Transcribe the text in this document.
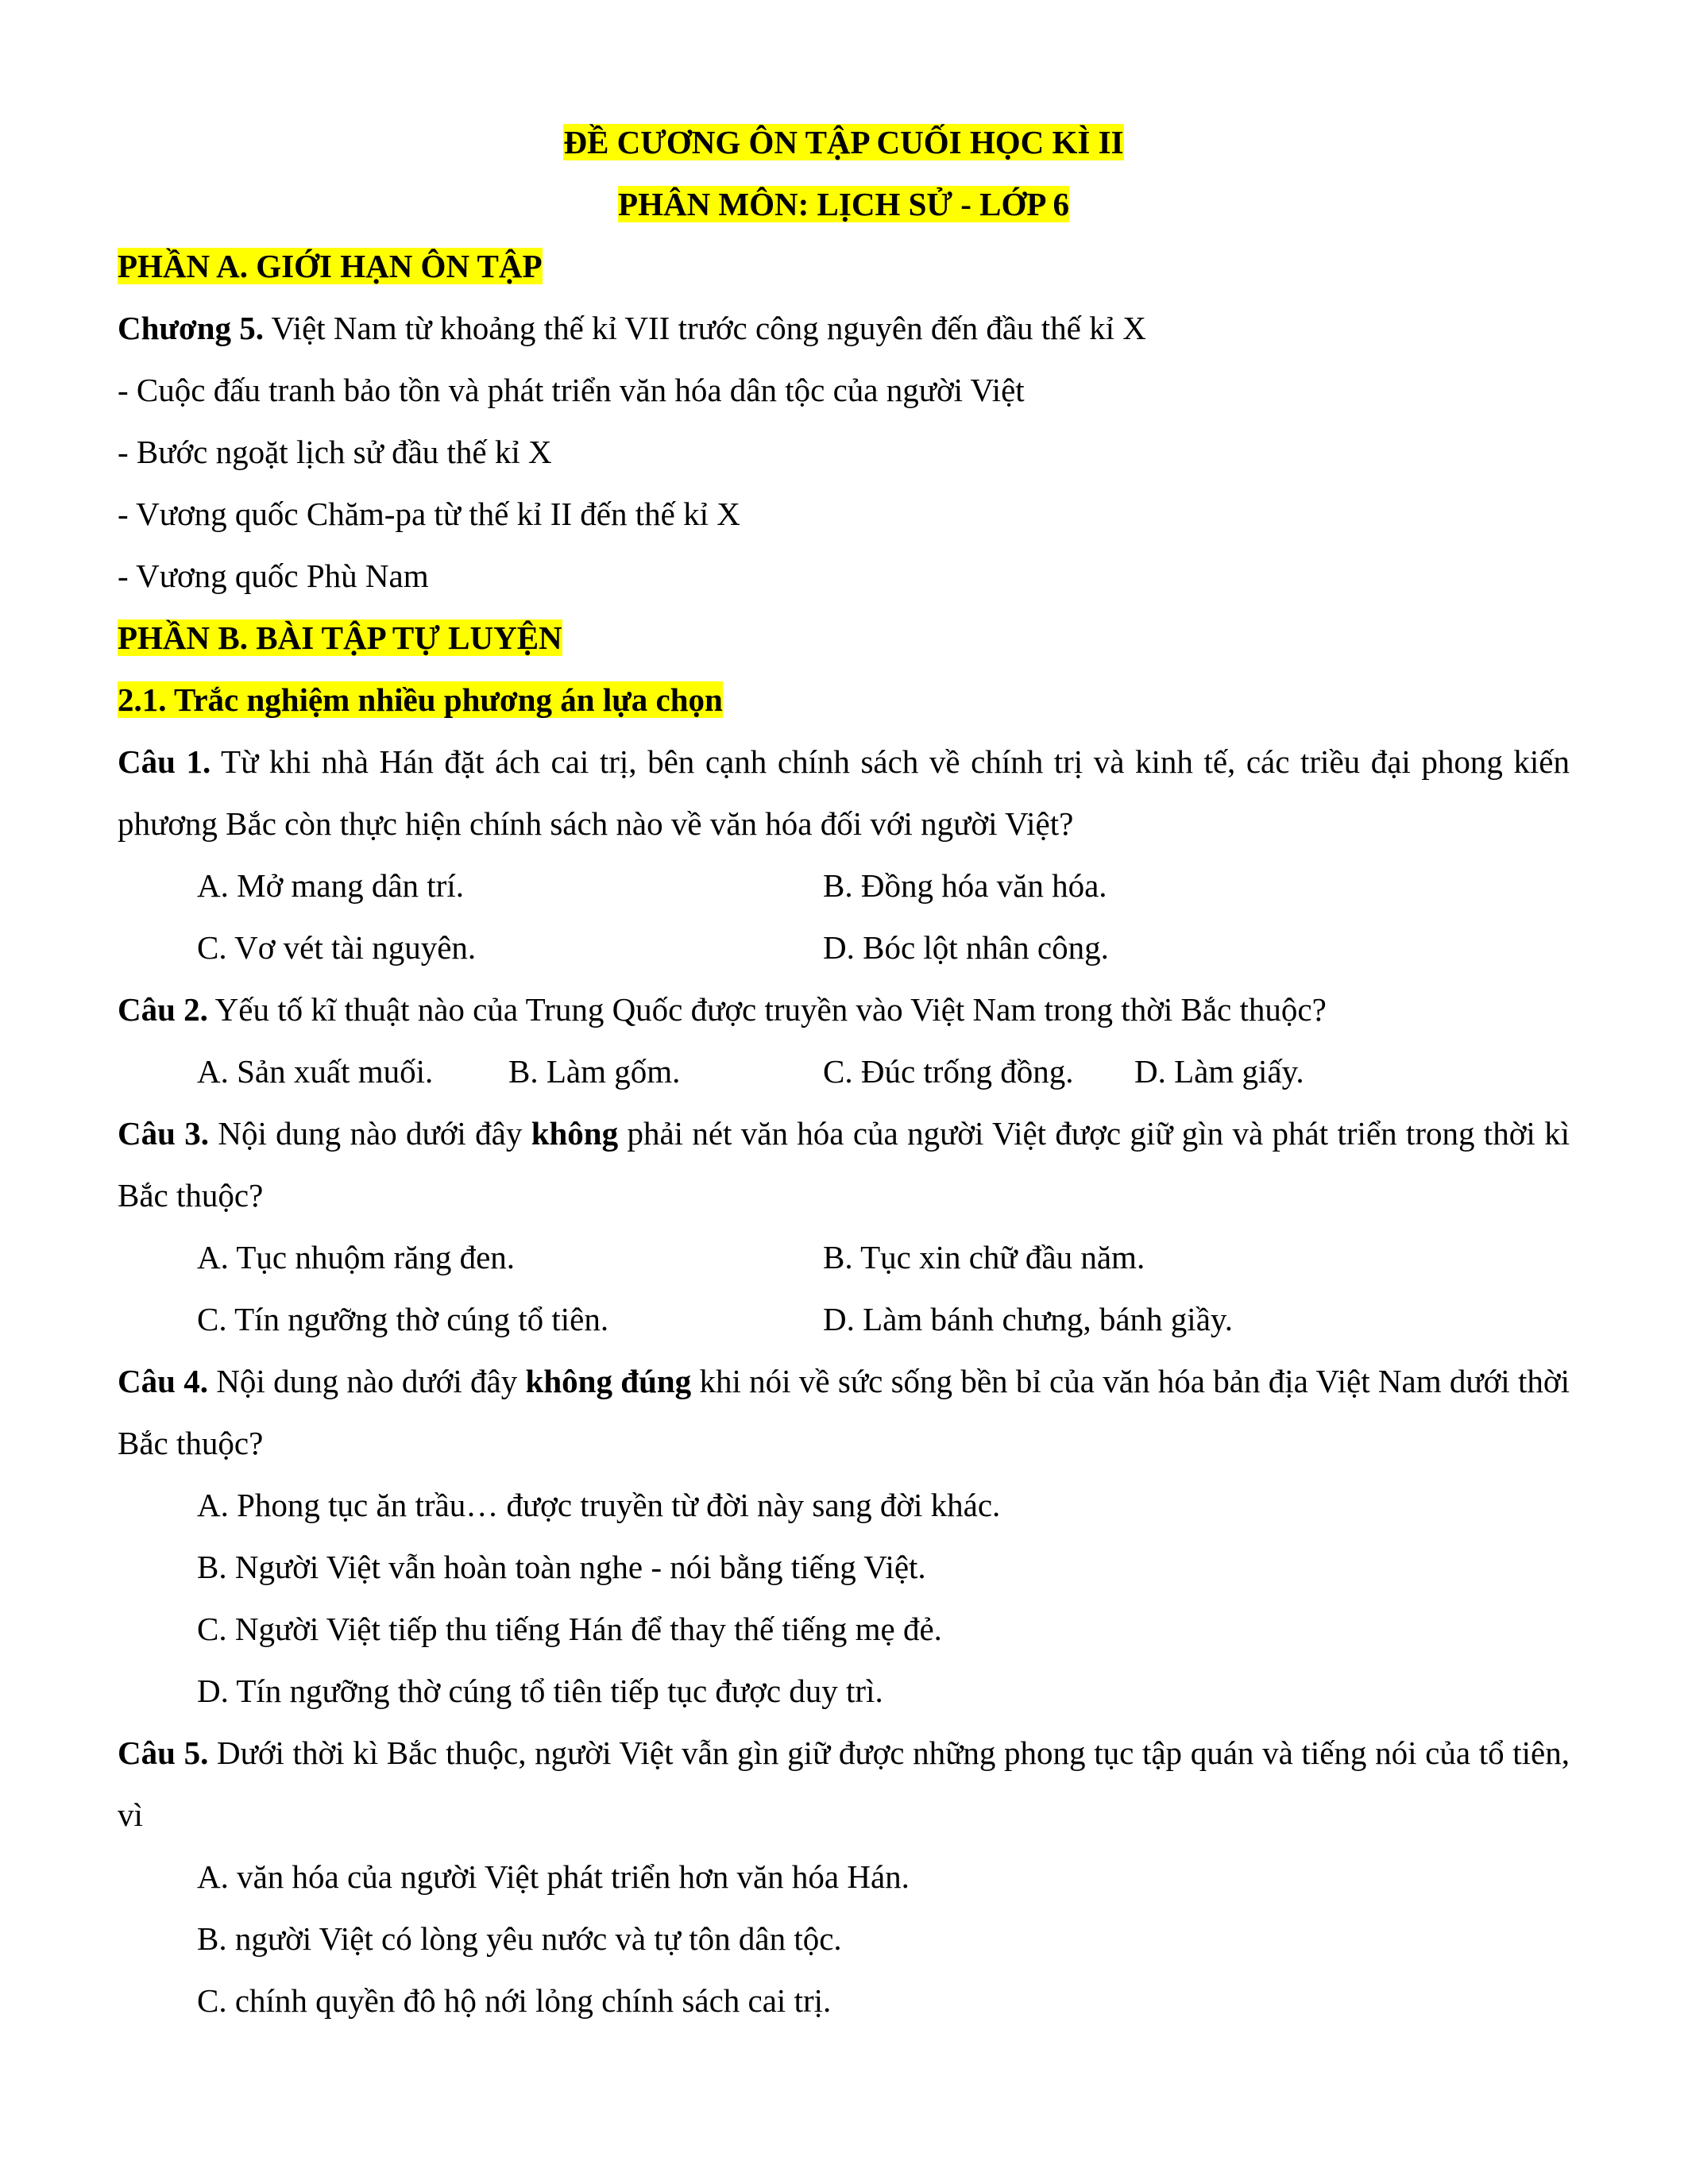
ĐỀ CƯƠNG ÔN TẬP CUỐI HỌC KÌ II
PHÂN MÔN: LỊCH SỬ - LỚP 6
PHẦN A. GIỚI HẠN ÔN TẬP
Chương 5. Việt Nam từ khoảng thế kỉ VII trước công nguyên đến đầu thế kỉ X
- Cuộc đấu tranh bảo tồn và phát triển văn hóa dân tộc của người Việt
- Bước ngoặt lịch sử đầu thế kỉ X
- Vương quốc Chăm-pa từ thế kỉ II đến thế kỉ X
- Vương quốc Phù Nam
PHẦN B. BÀI TẬP TỰ LUYỆN
2.1. Trắc nghiệm nhiều phương án lựa chọn
Câu 1. Từ khi nhà Hán đặt ách cai trị, bên cạnh chính sách về chính trị và kinh tế, các triều đại phong kiến phương Bắc còn thực hiện chính sách nào về văn hóa đối với người Việt?
A. Mở mang dân trí.	B. Đồng hóa văn hóa.
C. Vơ vét tài nguyên.	D. Bóc lột nhân công.
Câu 2. Yếu tố kĩ thuật nào của Trung Quốc được truyền vào Việt Nam trong thời Bắc thuộc?
A. Sản xuất muối. B. Làm gốm.	C. Đúc trống đồng. D. Làm giấy.
Câu 3. Nội dung nào dưới đây không phải nét văn hóa của người Việt được giữ gìn và phát triển trong thời kì Bắc thuộc?
A. Tục nhuộm răng đen.	B. Tục xin chữ đầu năm.
C. Tín ngưỡng thờ cúng tổ tiên.	D. Làm bánh chưng, bánh giầy.
Câu 4. Nội dung nào dưới đây không đúng khi nói về sức sống bền bỉ của văn hóa bản địa Việt Nam dưới thời Bắc thuộc?
A. Phong tục ăn trầu… được truyền từ đời này sang đời khác.
B. Người Việt vẫn hoàn toàn nghe - nói bằng tiếng Việt.
C. Người Việt tiếp thu tiếng Hán để thay thế tiếng mẹ đẻ.
D. Tín ngưỡng thờ cúng tổ tiên tiếp tục được duy trì.
Câu 5. Dưới thời kì Bắc thuộc, người Việt vẫn gìn giữ được những phong tục tập quán và tiếng nói của tổ tiên, vì
A. văn hóa của người Việt phát triển hơn văn hóa Hán.
B. người Việt có lòng yêu nước và tự tôn dân tộc.
C. chính quyền đô hộ nới lỏng chính sách cai trị.
